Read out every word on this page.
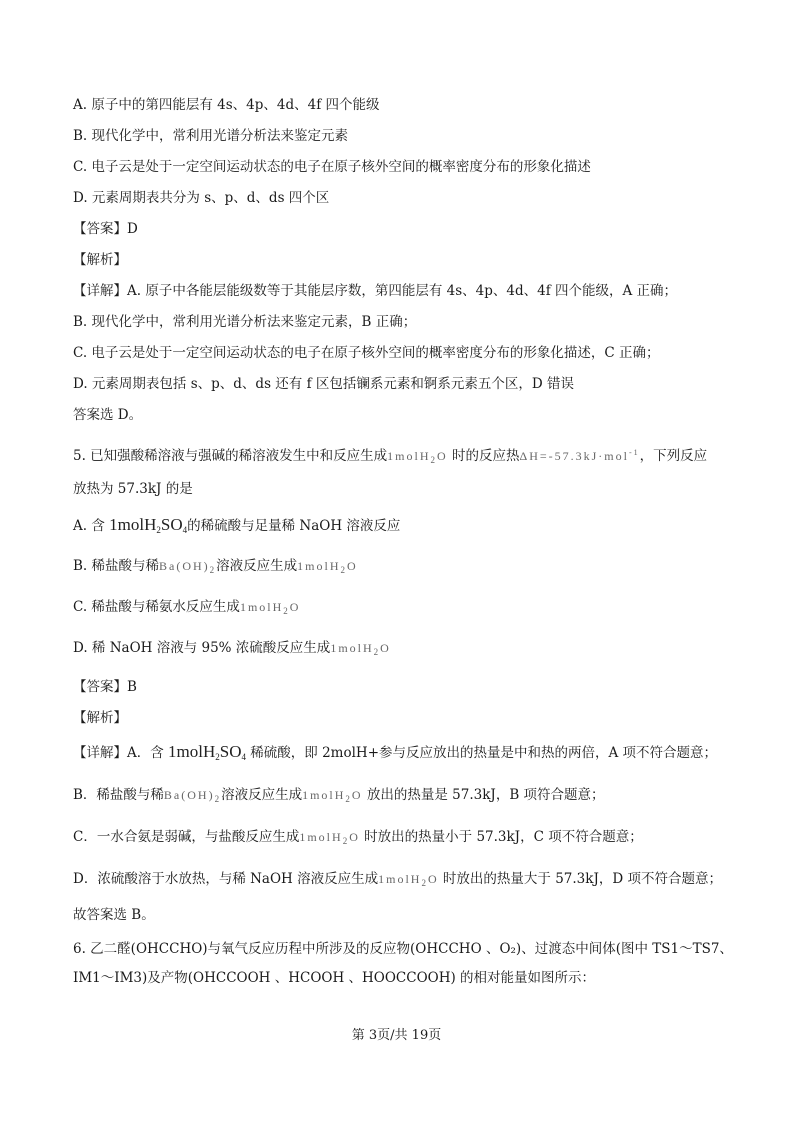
A. 原子中的第四能层有 4s、4p、4d、4f 四个能级
B. 现代化学中，常利用光谱分析法来鉴定元素
C. 电子云是处于一定空间运动状态的电子在原子核外空间的概率密度分布的形象化描述
D. 元素周期表共分为 s、p、d、ds 四个区
【答案】D
【解析】
【详解】A. 原子中各能层能级数等于其能层序数，第四能层有 4s、4p、4d、4f 四个能级，A 正确；
B. 现代化学中，常利用光谱分析法来鉴定元素，B 正确；
C. 电子云是处于一定空间运动状态的电子在原子核外空间的概率密度分布的形象化描述，C 正确；
D. 元素周期表包括 s、p、d、ds 还有 f 区包括镧系元素和锕系元素五个区，D 错误
答案选 D。
5. 已知强酸稀溶液与强碱的稀溶液发生中和反应生成1molH$_2$O 时的反应热ΔH=-57.3kJ·mol$^{-1}$，下列反应
放热为 57.3kJ 的是
A. 含 $1molH_2SO_4$的稀硫酸与足量稀 NaOH 溶液反应
B. 稀盐酸与稀$Ba(OH)_2$溶液反应生成1molH$_2$O
C. 稀盐酸与稀氨水反应生成1molH$_2$O
D. 稀 NaOH 溶液与 95% 浓硫酸反应生成1molH$_2$O
【答案】B
【解析】
【详解】A．含 $1molH_2SO_4$ 稀硫酸，即 2molH+参与反应放出的热量是中和热的两倍，A 项不符合题意；
B．稀盐酸与稀$Ba(OH)_2$溶液反应生成1molH$_2$O 放出的热量是 57.3kJ，B 项符合题意；
C．一水合氨是弱碱，与盐酸反应生成1molH$_2$O 时放出的热量小于 57.3kJ，C 项不符合题意；
D．浓硫酸溶于水放热，与稀 NaOH 溶液反应生成1molH$_2$O 时放出的热量大于 57.3kJ，D 项不符合题意；
故答案选 B。
6. 乙二醛(OHCCHO)与氧气反应历程中所涉及的反应物(OHCCHO 、O₂)、过渡态中间体(图中 TS1～TS7、
IM1～IM3)及产物(OHCCOOH 、HCOOH 、HOOCCOOH) 的相对能量如图所示：
第 3页/共 19页
